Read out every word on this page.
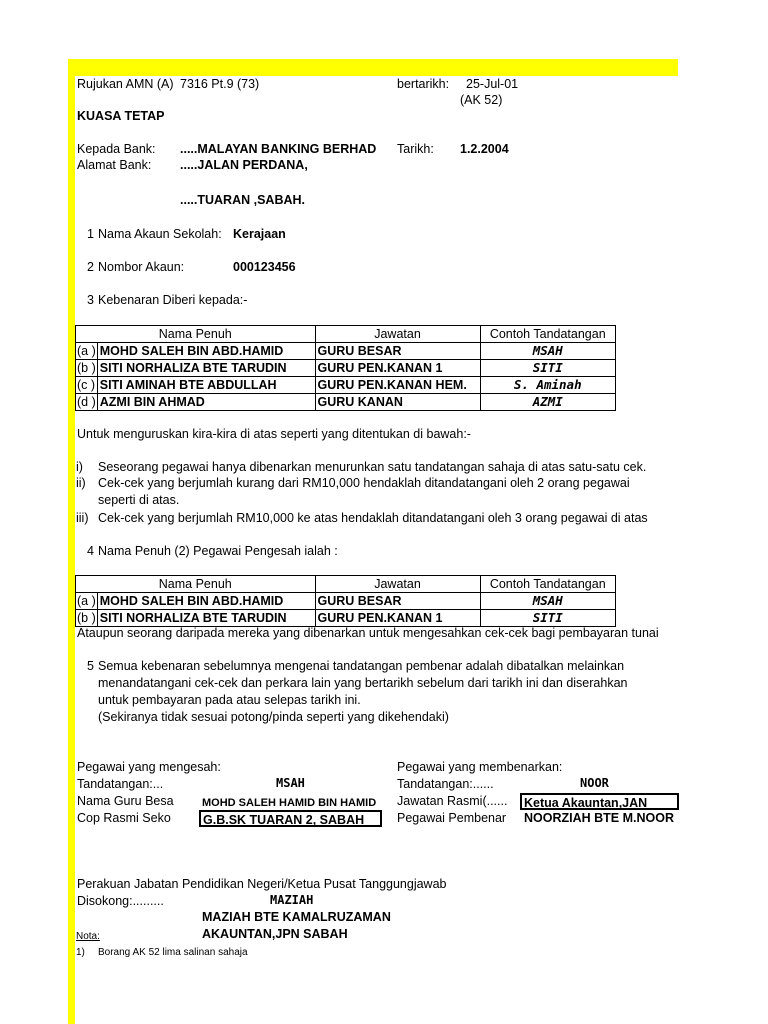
Rujukan AMN (A) 7316 Pt.9 (73)	bertarikh: 25-Jul-01
(AK 52)
KUASA TETAP
Kepada Bank: .....MALAYAN BANKING BERHAD Tarikh: 1.2.2004
Alamat Bank: .....JALAN PERDANA,
.....TUARAN ,SABAH.
1 Nama Akaun Sekolah: Kerajaan
2 Nombor Akaun:	000123456
3 Kebenaran Diberi kepada:-
Nama Penuh		Jawatan	Contoh Tandatangan
(a )	MOHD SALEH BIN ABD.HAMID	GURU BESAR	MSAH
(b )	SITI NORHALIZA BTE TARUDIN	GURU PEN.KANAN 1	SITI
(c )	SITI AMINAH BTE ABDULLAH	GURU PEN.KANAN HEM.	S. Aminah
(d )	AZMI BIN AHMAD	GURU KANAN	AZMI
Untuk menguruskan kira-kira di atas seperti yang ditentukan di bawah:-
i) Seseorang pegawai hanya dibenarkan menurunkan satu tandatangan sahaja di atas satu-satu cek.
ii) Cek-cek yang berjumlah kurang dari RM10,000 hendaklah ditandatangani oleh 2 orang pegawai
seperti di atas.
iii) Cek-cek yang berjumlah RM10,000 ke atas hendaklah ditandatangani oleh 3 orang pegawai di atas
4 Nama Penuh (2) Pegawai Pengesah ialah :
Nama Penuh		Jawatan	Contoh Tandatangan
(a )	MOHD SALEH BIN ABD.HAMID	GURU BESAR	MSAH
(b )	SITI NORHALIZA BTE TARUDIN	GURU PEN.KANAN 1	SITI
Ataupun seorang daripada mereka yang dibenarkan untuk mengesahkan cek-cek bagi pembayaran tunai
5 Semua kebenaran sebelumnya mengenai tandatangan pembenar adalah dibatalkan melainkan
menandatangani cek-cek dan perkara lain yang bertarikh sebelum dari tarikh ini dan diserahkan
untuk pembayaran pada atau selepas tarikh ini.
(Sekiranya tidak sesuai potong/pinda seperti yang dikehendaki)
Pegawai yang mengesah:
Tandatangan:...	MSAH
Nama Guru Besa	MOHD SALEH HAMID BIN HAMID
Cop Rasmi Seko	G.B.SK TUARAN 2, SABAH
Pegawai yang membenarkan:
Tandatangan:......	NOOR
Jawatan Rasmi(......	Ketua Akauntan,JAN
Pegawai Pembenar NOORZIAH BTE M.NOOR
Perakuan Jabatan Pendidikan Negeri/Ketua Pusat Tanggungjawab
Disokong:.........	MAZIAH
MAZIAH BTE KAMALRUZAMAN
AKAUNTAN,JPN SABAH
Nota:
1) Borang AK 52 lima salinan sahaja
